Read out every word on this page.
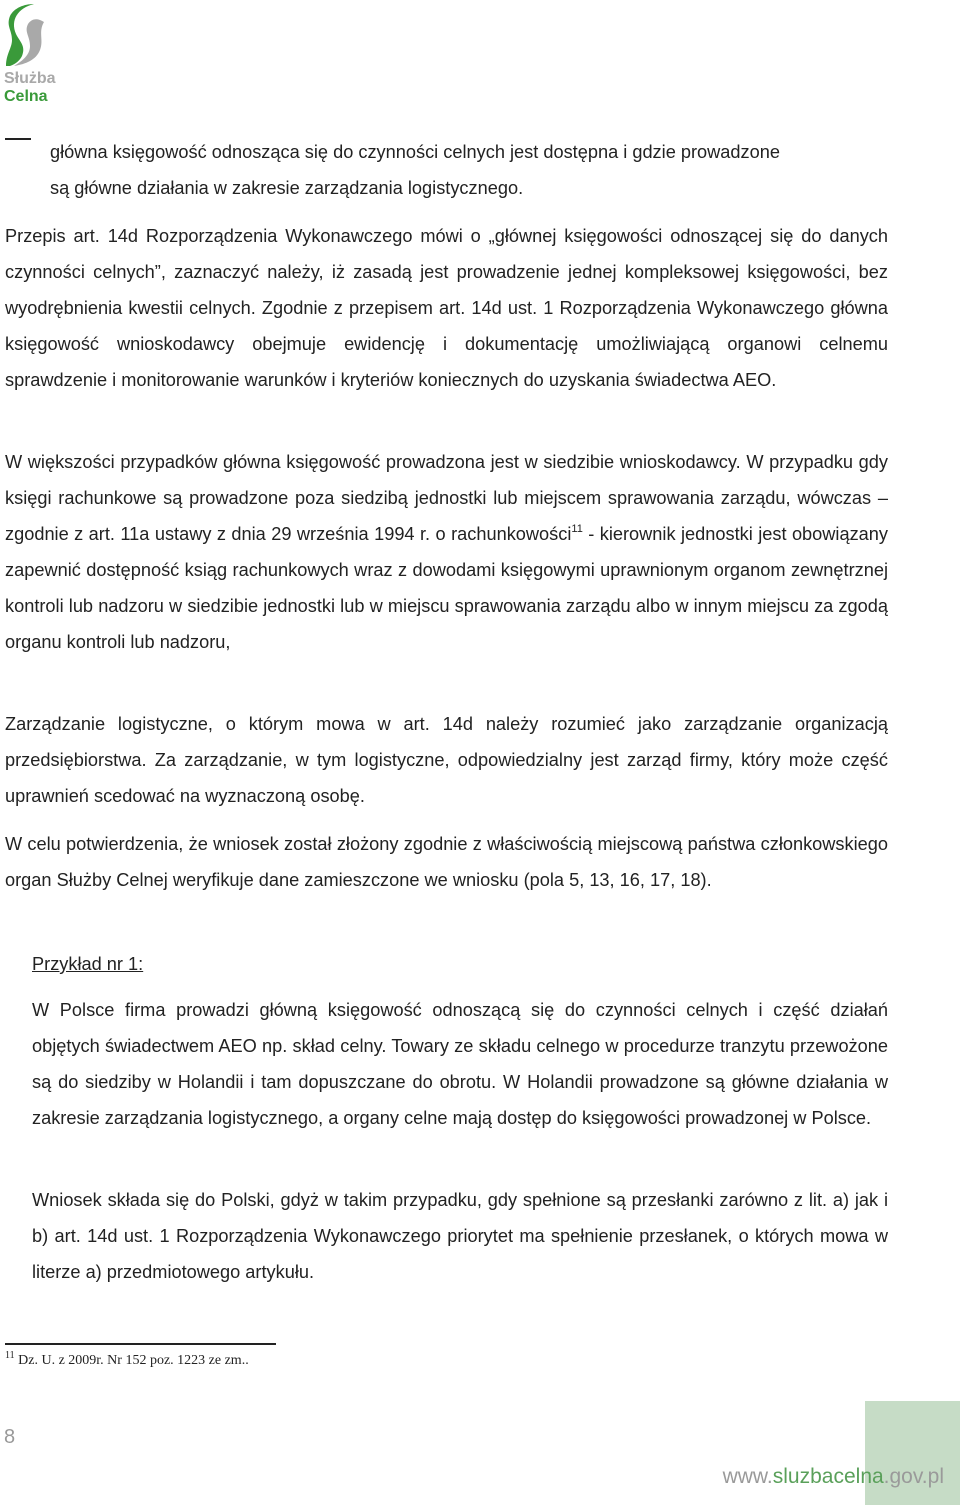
Służba
Celna
główna księgowość odnosząca się do czynności celnych jest dostępna i gdzie prowadzone
są główne działania w zakresie zarządzania logistycznego.
Przepis art. 14d Rozporządzenia Wykonawczego mówi o „głównej księgowości odnoszącej się do danych czynności celnych”, zaznaczyć należy, iż zasadą jest prowadzenie jednej kompleksowej księgowości, bez wyodrębnienia kwestii celnych. Zgodnie z przepisem art. 14d ust. 1 Rozporządzenia Wykonawczego główna księgowość wnioskodawcy obejmuje ewidencję i dokumentację umożliwiającą organowi celnemu sprawdzenie i monitorowanie warunków i kryteriów koniecznych do uzyskania świadectwa AEO.
W większości przypadków główna księgowość prowadzona jest w siedzibie wnioskodawcy. W przypadku gdy księgi rachunkowe są prowadzone poza siedzibą jednostki lub miejscem sprawowania zarządu, wówczas – zgodnie z art. 11a ustawy z dnia 29 września 1994 r. o rachunkowości$^{11}$ - kierownik jednostki jest obowiązany zapewnić dostępność ksiąg rachunkowych wraz z dowodami księgowymi uprawnionym organom zewnętrznej kontroli lub nadzoru w siedzibie jednostki lub w miejscu sprawowania zarządu albo w innym miejscu za zgodą organu kontroli lub nadzoru,
Zarządzanie logistyczne, o którym mowa w art. 14d należy rozumieć jako zarządzanie organizacją przedsiębiorstwa. Za zarządzanie, w tym logistyczne, odpowiedzialny jest zarząd firmy, który może część uprawnień scedować na wyznaczoną osobę.
W celu potwierdzenia, że wniosek został złożony zgodnie z właściwością miejscową państwa członkowskiego organ Służby Celnej weryfikuje dane zamieszczone we wniosku (pola 5, 13, 16, 17, 18).
Przykład nr 1:
W Polsce firma prowadzi główną księgowość odnoszącą się do czynności celnych i część działań objętych świadectwem AEO np. skład celny. Towary ze składu celnego w procedurze tranzytu przewożone są do siedziby w Holandii i tam dopuszczane do obrotu. W Holandii prowadzone są główne działania w zakresie zarządzania logistycznego, a organy celne mają dostęp do księgowości prowadzonej w Polsce.
Wniosek składa się do Polski, gdyż w takim przypadku, gdy spełnione są przesłanki zarówno z lit. a) jak i b) art. 14d ust. 1 Rozporządzenia Wykonawczego priorytet ma spełnienie przesłanek, o których mowa w literze a) przedmiotowego artykułu.
$^{11}$ Dz. U. z 2009r. Nr 152 poz. 1223 ze zm..
8
www.sluzbacelna.gov.pl
